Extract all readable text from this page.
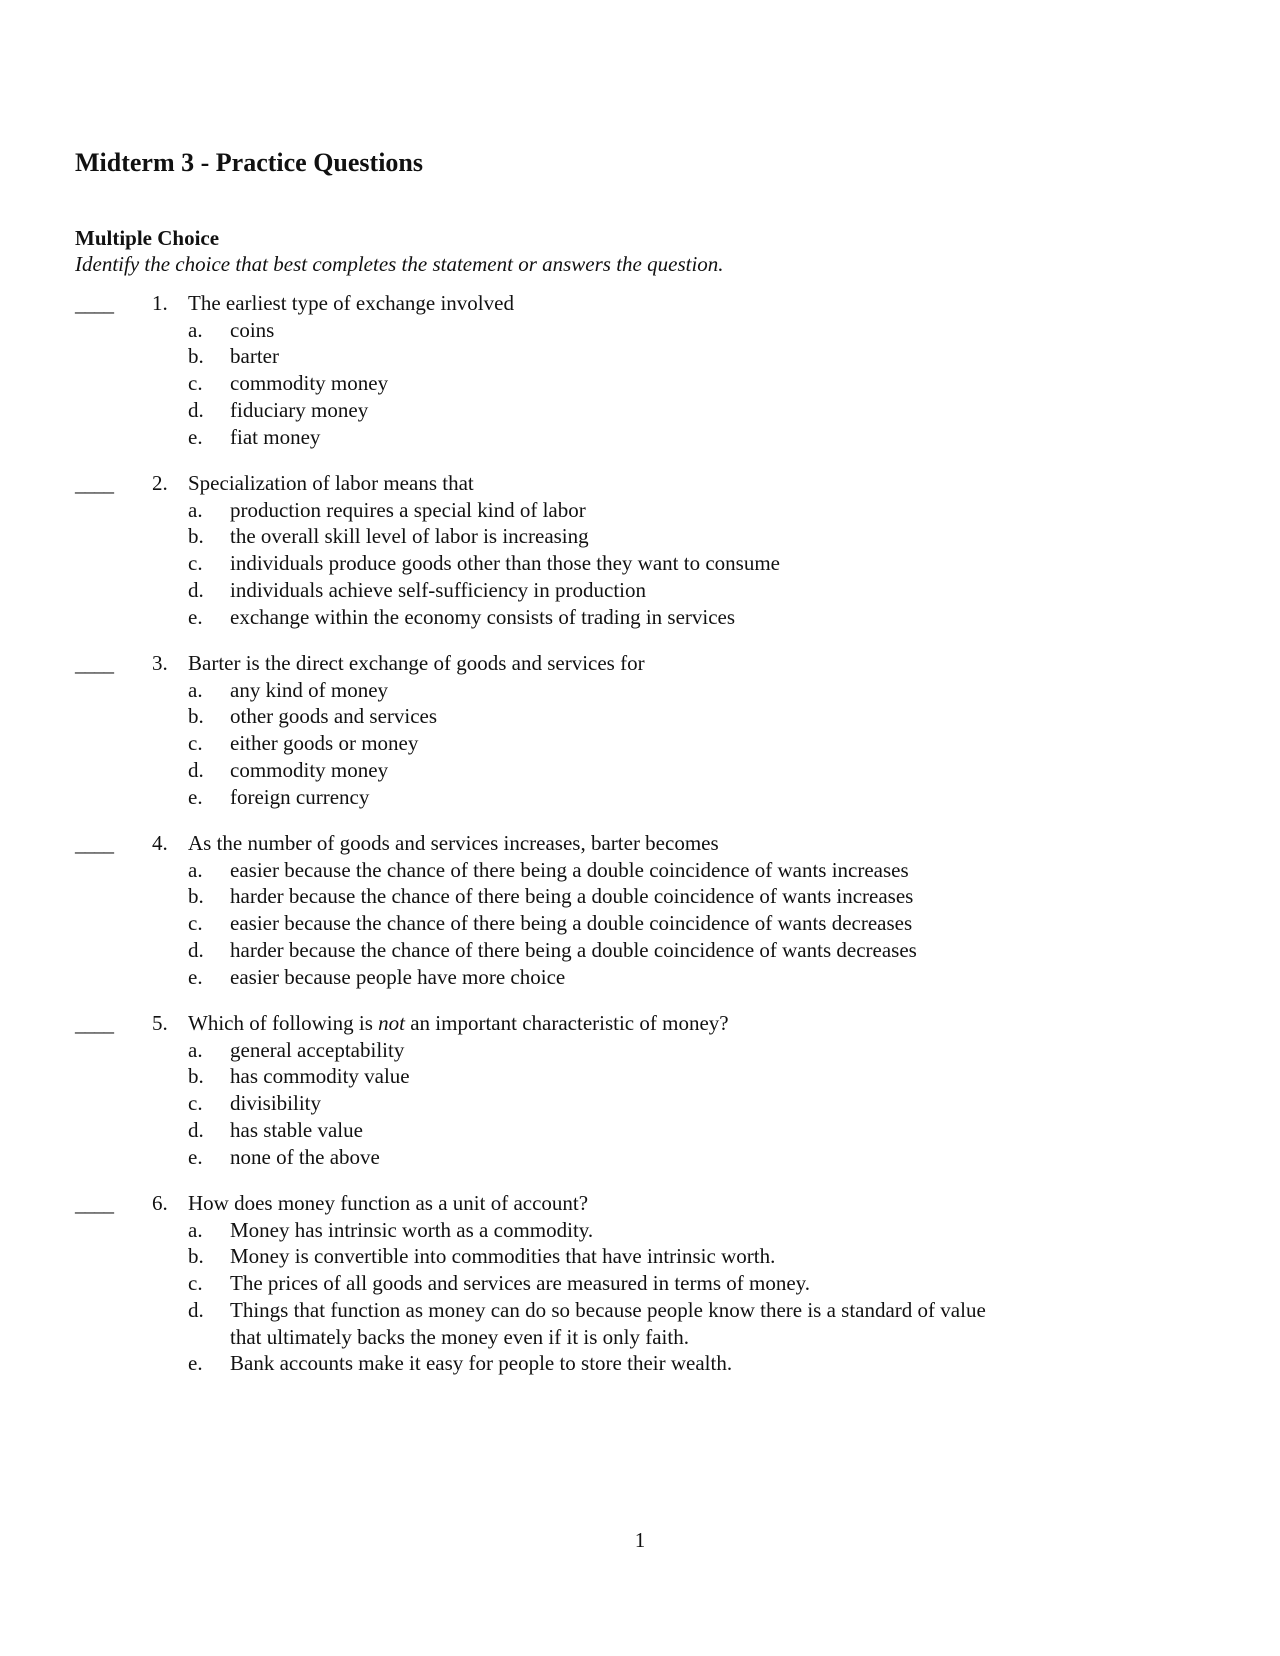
Midterm 3 - Practice Questions
Multiple Choice

Identify the choice that best completes the statement or answers the question.

____ 1. The earliest type of exchange involved
a. coins
b. barter
c. commodity money
d. fiduciary money
e. fiat money
____ 2. Specialization of labor means that
a. production requires a special kind of labor
b. the overall skill level of labor is increasing
c. individuals produce goods other than those they want to consume
d. individuals achieve self-sufficiency in production
e. exchange within the economy consists of trading in services
____ 3. Barter is the direct exchange of goods and services for
a. any kind of money
b. other goods and services
c. either goods or money
d. commodity money
e. foreign currency
____ 4. As the number of goods and services increases, barter becomes
a. easier because the chance of there being a double coincidence of wants increases
b. harder because the chance of there being a double coincidence of wants increases
c. easier because the chance of there being a double coincidence of wants decreases
d. harder because the chance of there being a double coincidence of wants decreases
e. easier because people have more choice
____ 5. Which of following is not an important characteristic of money?
a. general acceptability
b. has commodity value
c. divisibility
d. has stable value
e. none of the above
____ 6. How does money function as a unit of account?
a. Money has intrinsic worth as a commodity.
b. Money is convertible into commodities that have intrinsic worth.
c. The prices of all goods and services are measured in terms of money.
d. Things that function as money can do so because people know there is a standard of value that ultimately backs the money even if it is only faith.
e. Bank accounts make it easy for people to store their wealth.
1
